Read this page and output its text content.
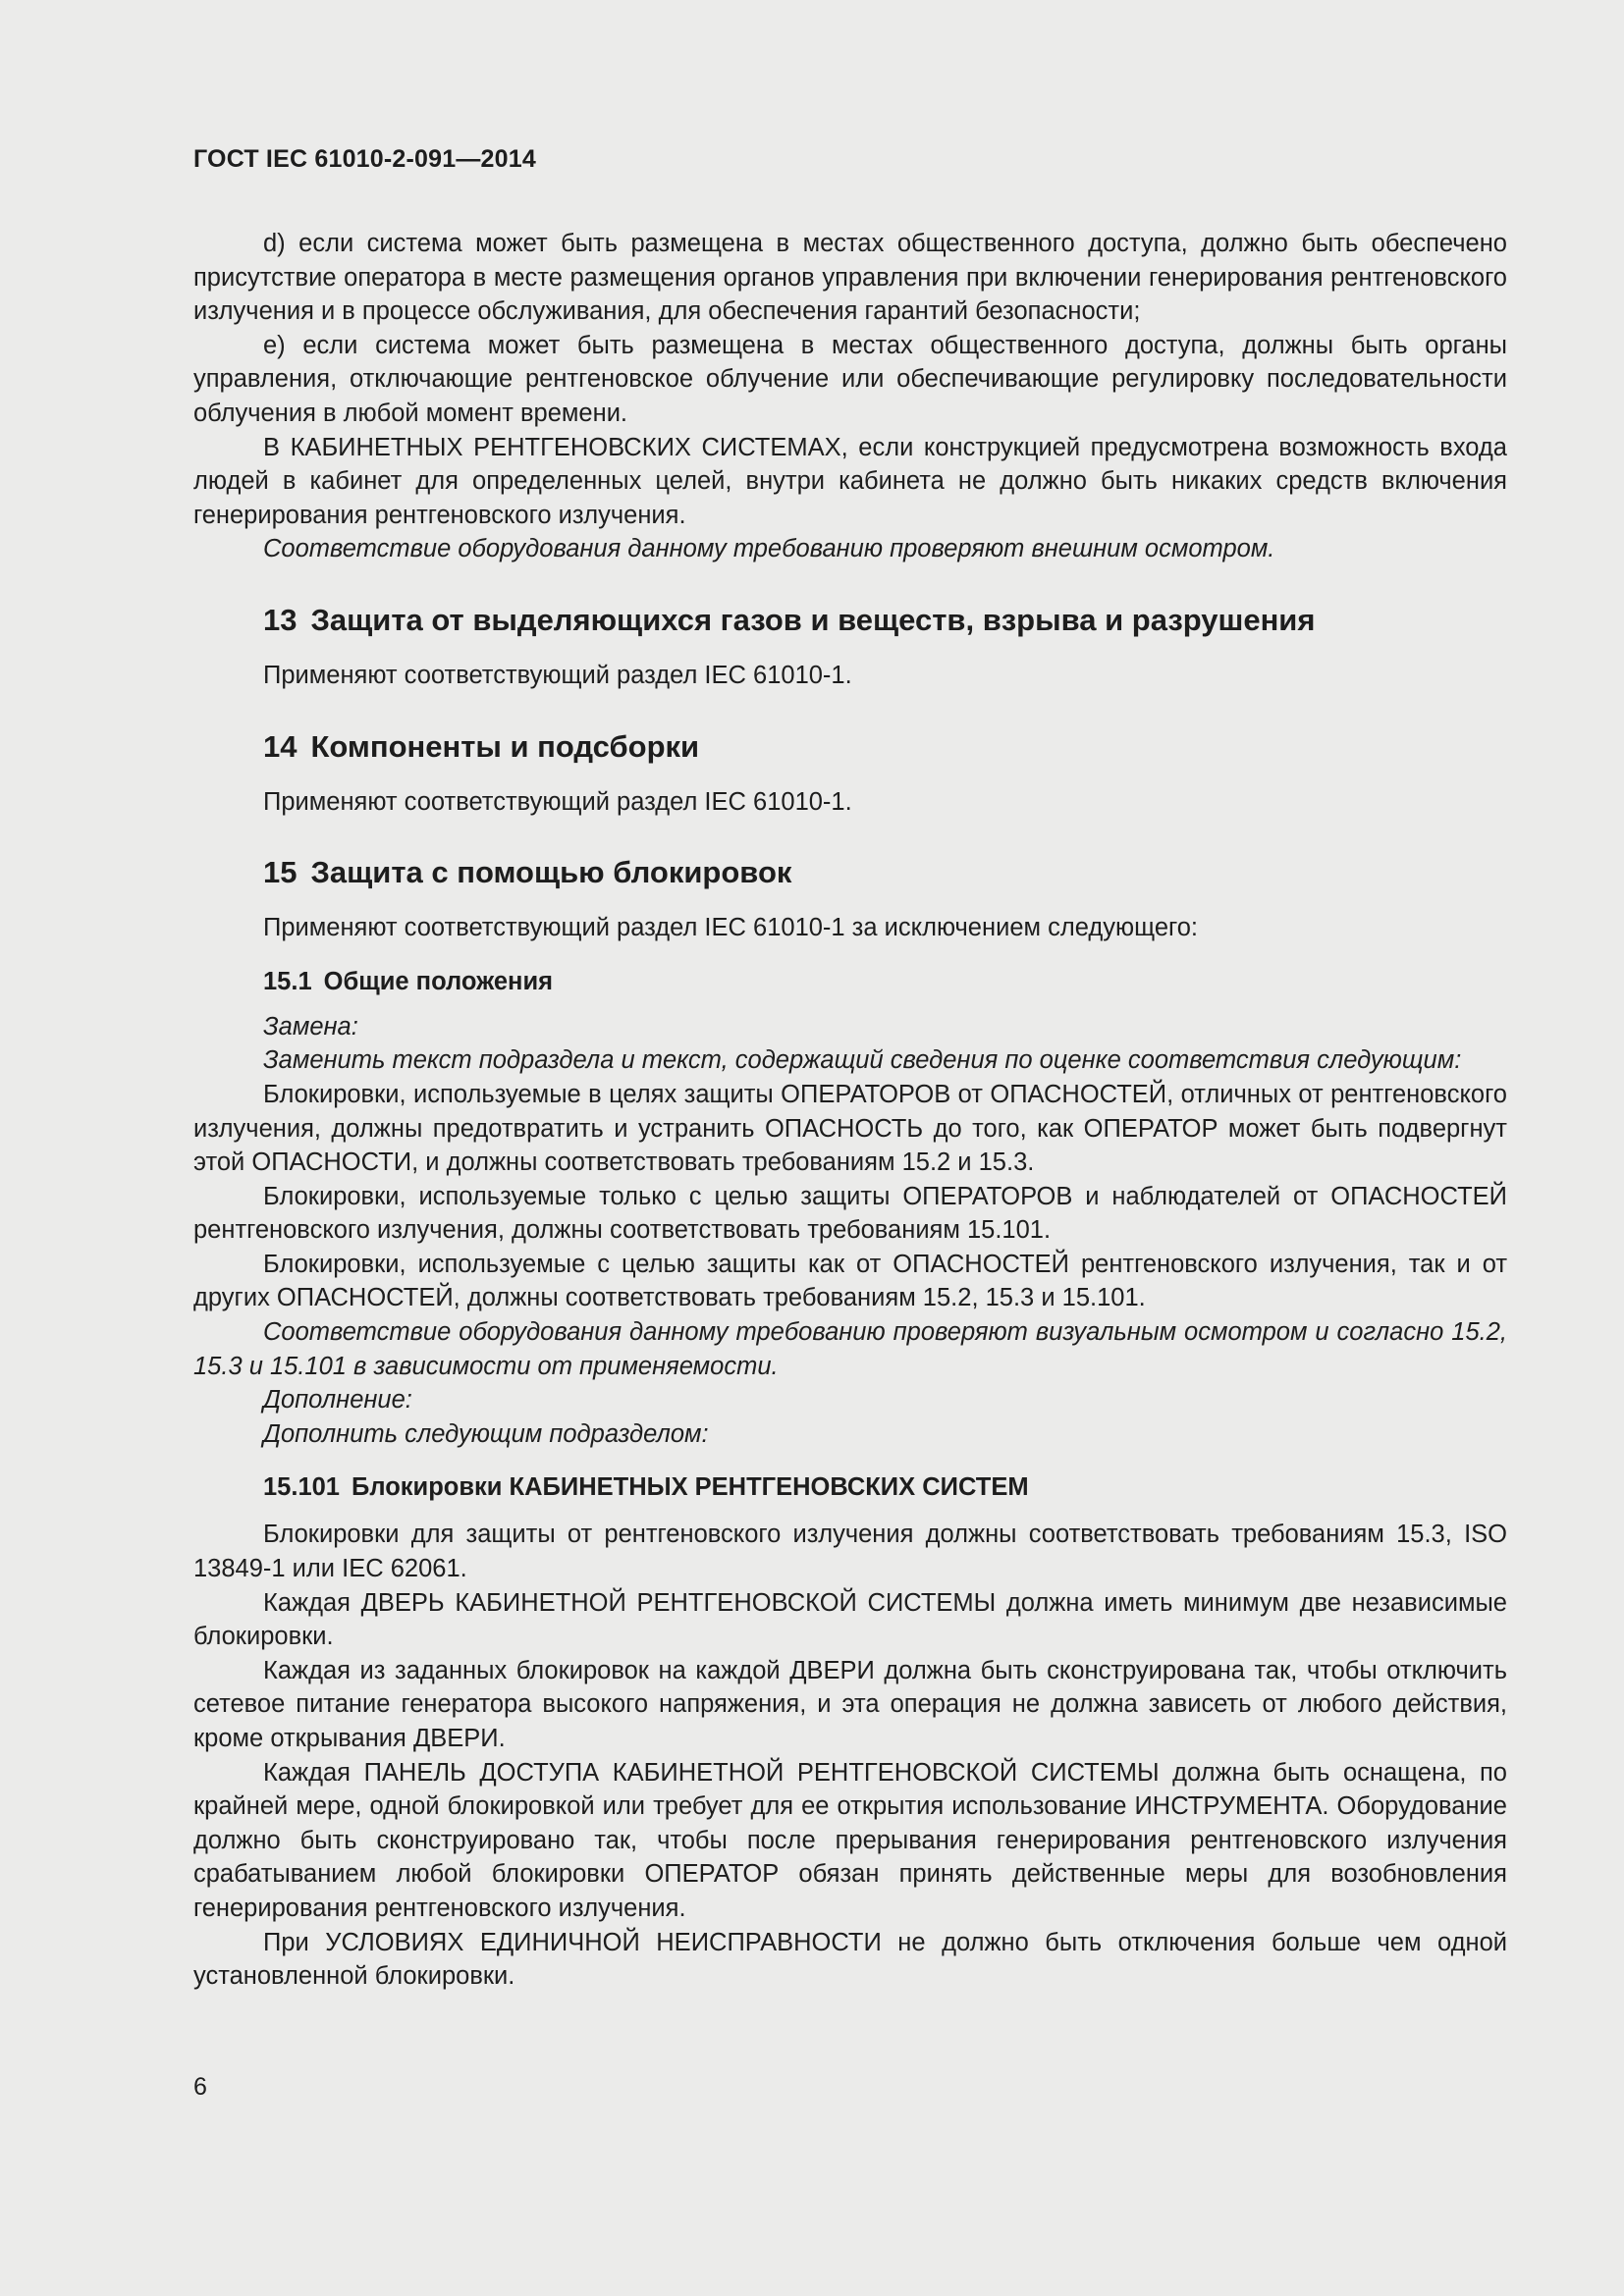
ГОСТ IEC 61010-2-091—2014

d) если система может быть размещена в местах общественного доступа, должно быть обеспечено присутствие оператора в месте размещения органов управления при включении генерирования рентгеновского излучения и в процессе обслуживания, для обеспечения гарантий безопасности;

е) если система может быть размещена в местах общественного доступа, должны быть органы управления, отключающие рентгеновское облучение или обеспечивающие регулировку последовательности облучения в любой момент времени.

В КАБИНЕТНЫХ РЕНТГЕНОВСКИХ СИСТЕМАХ, если конструкцией предусмотрена возможность входа людей в кабинет для определенных целей, внутри кабинета не должно быть никаких средств включения генерирования рентгеновского излучения.

Соответствие оборудования данному требованию проверяют внешним осмотром.

13 Защита от выделяющихся газов и веществ, взрыва и разрушения

Применяют соответствующий раздел IEC 61010-1.

14 Компоненты и подсборки

Применяют соответствующий раздел IEC 61010-1.

15 Защита с помощью блокировок

Применяют соответствующий раздел IEC 61010-1 за исключением следующего:

15.1 Общие положения

Замена:

Заменить текст подраздела и текст, содержащий сведения по оценке соответствия следующим:

Блокировки, используемые в целях защиты ОПЕРАТОРОВ от ОПАСНОСТЕЙ, отличных от рентгеновского излучения, должны предотвратить и устранить ОПАСНОСТЬ до того, как ОПЕРАТОР может быть подвергнут этой ОПАСНОСТИ, и должны соответствовать требованиям 15.2 и 15.3.

Блокировки, используемые только с целью защиты ОПЕРАТОРОВ и наблюдателей от ОПАСНОСТЕЙ рентгеновского излучения, должны соответствовать требованиям 15.101.

Блокировки, используемые с целью защиты как от ОПАСНОСТЕЙ рентгеновского излучения, так и от других ОПАСНОСТЕЙ, должны соответствовать требованиям 15.2, 15.3 и 15.101.

Соответствие оборудования данному требованию проверяют визуальным осмотром и согласно 15.2, 15.3 и 15.101 в зависимости от применяемости.

Дополнение:

Дополнить следующим подразделом:

15.101 Блокировки КАБИНЕТНЫХ РЕНТГЕНОВСКИХ СИСТЕМ

Блокировки для защиты от рентгеновского излучения должны соответствовать требованиям 15.3, ISO 13849-1 или IEC 62061.

Каждая ДВЕРЬ КАБИНЕТНОЙ РЕНТГЕНОВСКОЙ СИСТЕМЫ должна иметь минимум две независимые блокировки.

Каждая из заданных блокировок на каждой ДВЕРИ должна быть сконструирована так, чтобы отключить сетевое питание генератора высокого напряжения, и эта операция не должна зависеть от любого действия, кроме открывания ДВЕРИ.

Каждая ПАНЕЛЬ ДОСТУПА КАБИНЕТНОЙ РЕНТГЕНОВСКОЙ СИСТЕМЫ должна быть оснащена, по крайней мере, одной блокировкой или требует для ее открытия использование ИНСТРУМЕНТА. Оборудование должно быть сконструировано так, чтобы после прерывания генерирования рентгеновского излучения срабатыванием любой блокировки ОПЕРАТОР обязан принять действенные меры для возобновления генерирования рентгеновского излучения.

При УСЛОВИЯХ ЕДИНИЧНОЙ НЕИСПРАВНОСТИ не должно быть отключения больше чем одной установленной блокировки.

6
